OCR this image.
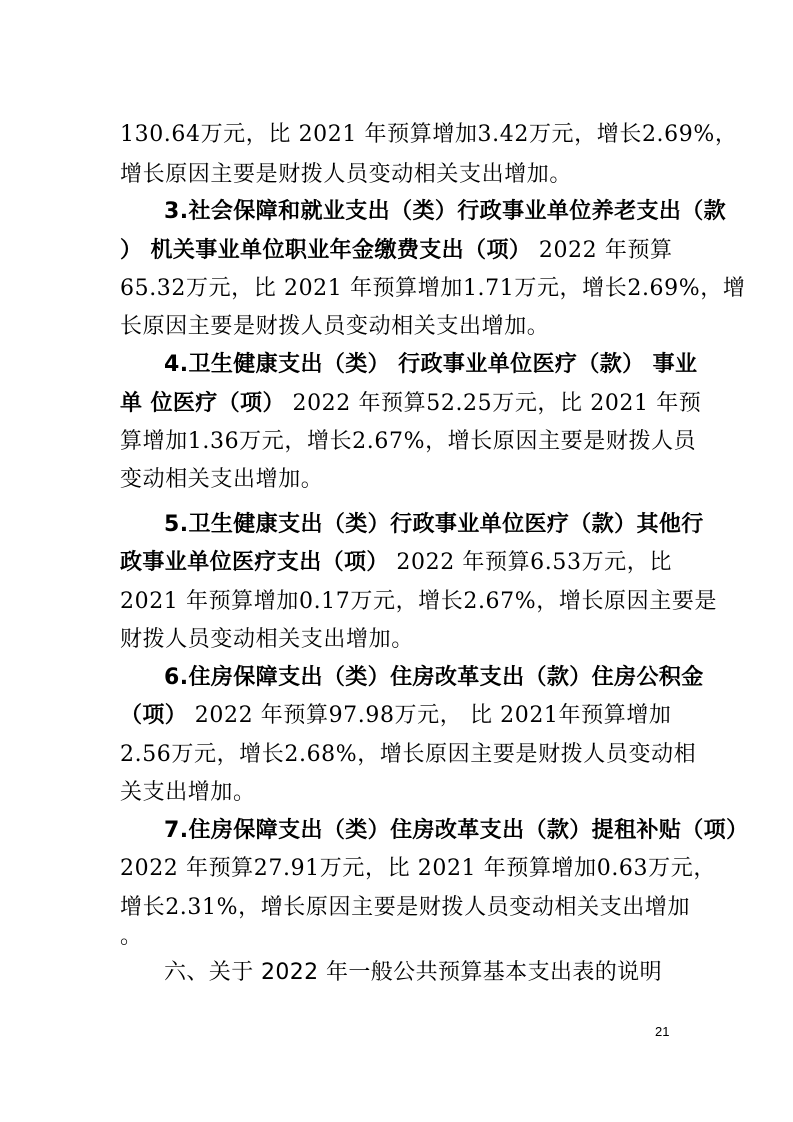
130.64万元，比 2021 年预算增加3.42万元，增长2.69%，
增长原因主要是财拨人员变动相关支出增加。
3.社会保障和就业支出（类）行政事业单位养老支出（款
） 机关事业单位职业年金缴费支出（项） 2022 年预算
65.32万元，比 2021 年预算增加1.71万元，增长2.69%，增
长原因主要是财拨人员变动相关支出增加。
4.卫生健康支出（类） 行政事业单位医疗（款） 事业
单 位医疗（项） 2022 年预算52.25万元，比 2021 年预
算增加1.36万元，增长2.67%，增长原因主要是财拨人员
变动相关支出增加。
5.卫生健康支出（类）行政事业单位医疗（款）其他行
政事业单位医疗支出（项） 2022 年预算6.53万元，比
2021 年预算增加0.17万元，增长2.67%，增长原因主要是
财拨人员变动相关支出增加。
6.住房保障支出（类）住房改革支出（款）住房公积金
（项） 2022 年预算97.98万元， 比 2021年预算增加
2.56万元，增长2.68%，增长原因主要是财拨人员变动相
关支出增加。
7.住房保障支出（类）住房改革支出（款）提租补贴（项）
2022 年预算27.91万元，比 2021 年预算增加0.63万元，
增长2.31%，增长原因主要是财拨人员变动相关支出增加
。
六、关于 2022 年一般公共预算基本支出表的说明
21
